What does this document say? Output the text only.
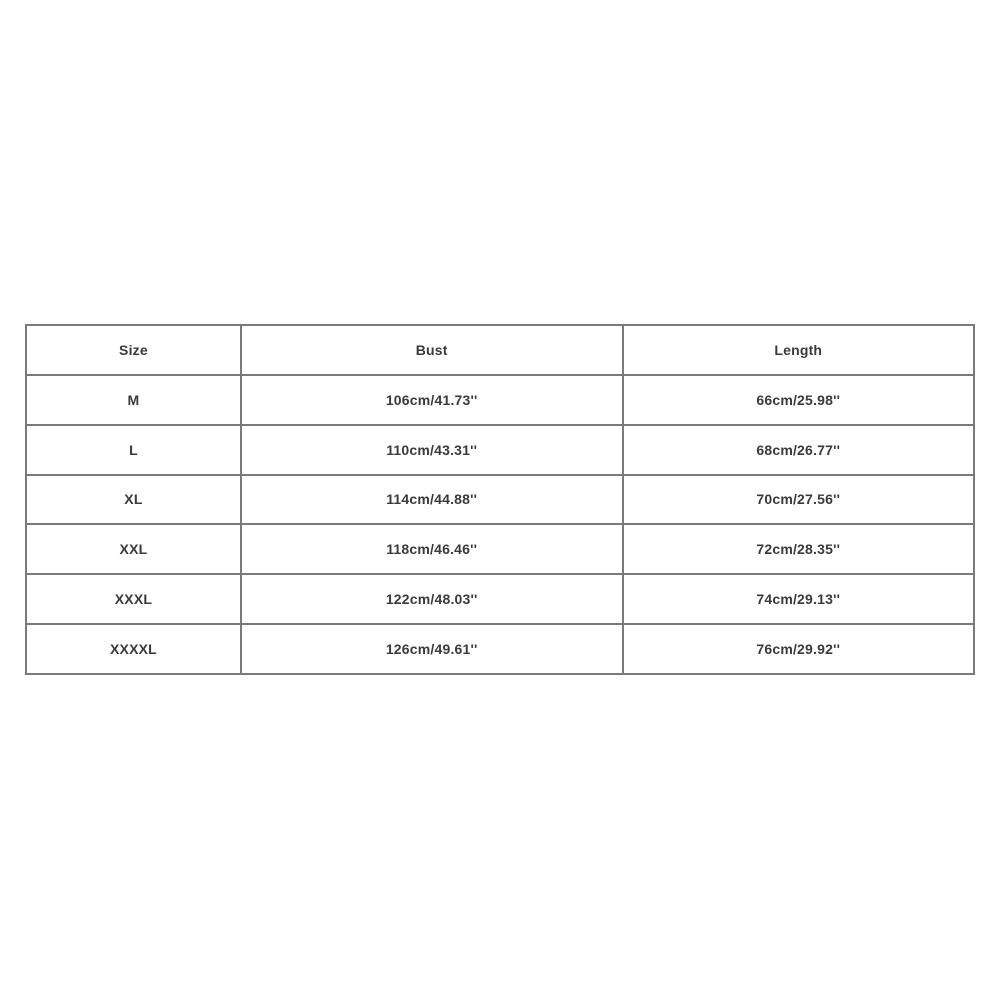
Size	Bust	Length
M	106cm/41.73''	66cm/25.98''
L	110cm/43.31''	68cm/26.77''
XL	114cm/44.88''	70cm/27.56''
XXL	118cm/46.46''	72cm/28.35''
XXXL	122cm/48.03''	74cm/29.13''
XXXXL	126cm/49.61''	76cm/29.92''
